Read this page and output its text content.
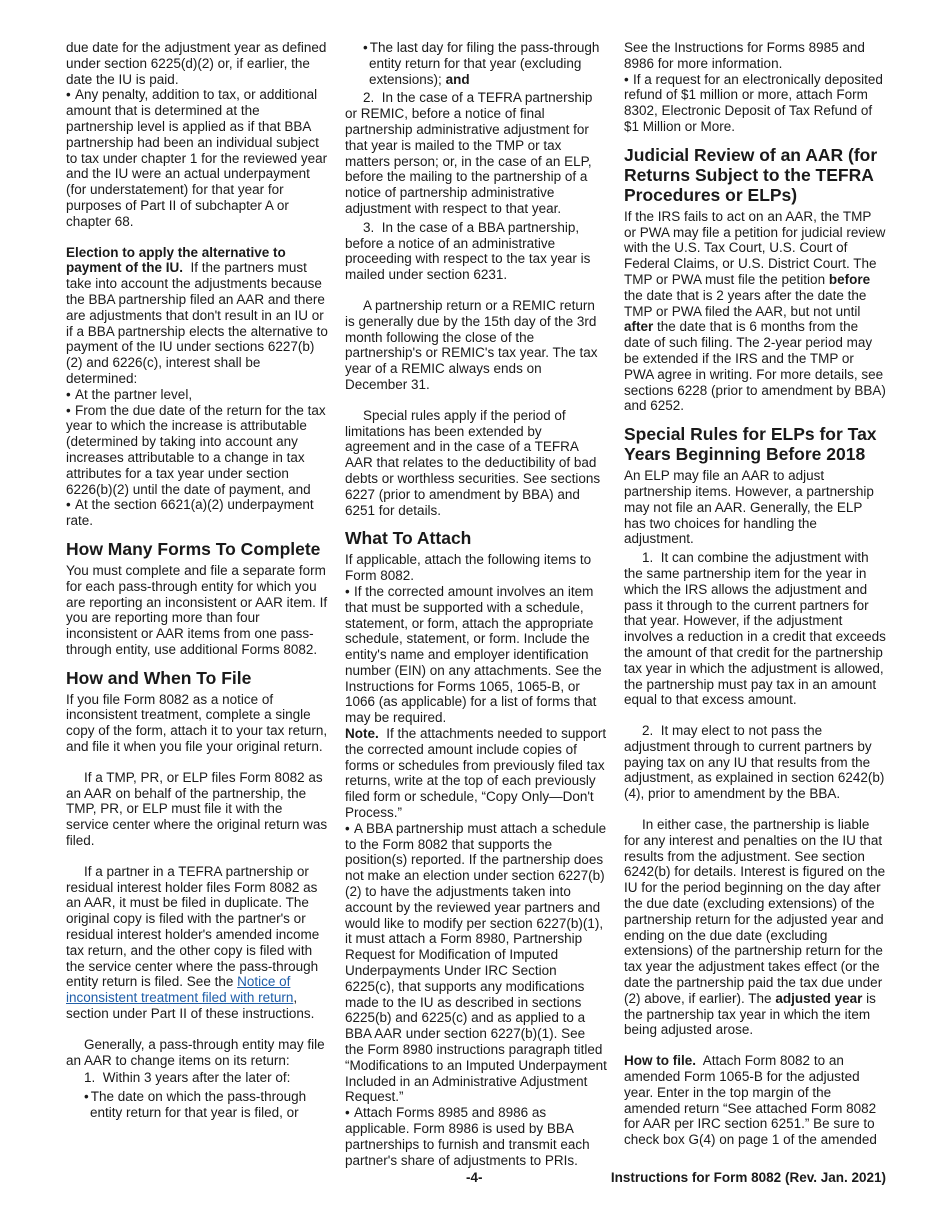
due date for the adjustment year as defined under section 6225(d)(2) or, if earlier, the date the IU is paid.

• Any penalty, addition to tax, or additional amount that is determined at the partnership level is applied as if that BBA partnership had been an individual subject to tax under chapter 1 for the reviewed year and the IU were an actual underpayment (for understatement) for that year for purposes of Part II of subchapter A or chapter 68.

Election to apply the alternative to payment of the IU. If the partners must take into account the adjustments because the BBA partnership filed an AAR and there are adjustments that don't result in an IU or if a BBA partnership elects the alternative to payment of the IU under sections 6227(b)(2) and 6226(c), interest shall be determined:

• At the partner level,

• From the due date of the return for the tax year to which the increase is attributable (determined by taking into account any increases attributable to a change in tax attributes for a tax year under section 6226(b)(2) until the date of payment, and

• At the section 6621(a)(2) underpayment rate.

How Many Forms To Complete

You must complete and file a separate form for each pass-through entity for which you are reporting an inconsistent or AAR item. If you are reporting more than four inconsistent or AAR items from one pass-through entity, use additional Forms 8082.

How and When To File

If you file Form 8082 as a notice of inconsistent treatment, complete a single copy of the form, attach it to your tax return, and file it when you file your original return.

If a TMP, PR, or ELP files Form 8082 as an AAR on behalf of the partnership, the TMP, PR, or ELP must file it with the service center where the original return was filed.

If a partner in a TEFRA partnership or residual interest holder files Form 8082 as an AAR, it must be filed in duplicate. The original copy is filed with the partner's or residual interest holder's amended income tax return, and the other copy is filed with the service center where the pass-through entity return is filed. See the Notice of inconsistent treatment filed with return, section under Part II of these instructions.

Generally, a pass-through entity may file an AAR to change items on its return:

1.  Within 3 years after the later of:

• The date on which the pass-through entity return for that year is filed, or

• The last day for filing the pass-through entity return for that year (excluding extensions); and

2.  In the case of a TEFRA partnership or REMIC, before a notice of final partnership administrative adjustment for that year is mailed to the TMP or tax matters person; or, in the case of an ELP, before the mailing to the partnership of a notice of partnership administrative adjustment with respect to that year.

3.  In the case of a BBA partnership, before a notice of an administrative proceeding with respect to the tax year is mailed under section 6231.

A partnership return or a REMIC return is generally due by the 15th day of the 3rd month following the close of the partnership's or REMIC's tax year. The tax year of a REMIC always ends on December 31.

Special rules apply if the period of limitations has been extended by agreement and in the case of a TEFRA AAR that relates to the deductibility of bad debts or worthless securities. See sections 6227 (prior to amendment by BBA) and 6251 for details.

What To Attach

If applicable, attach the following items to Form 8082.

• If the corrected amount involves an item that must be supported with a schedule, statement, or form, attach the appropriate schedule, statement, or form. Include the entity's name and employer identification number (EIN) on any attachments. See the Instructions for Forms 1065, 1065-B, or 1066 (as applicable) for a list of forms that may be required.

Note. If the attachments needed to support the corrected amount include copies of forms or schedules from previously filed tax returns, write at the top of each previously filed form or schedule, “Copy Only—Don't Process.”

• A BBA partnership must attach a schedule to the Form 8082 that supports the position(s) reported. If the partnership does not make an election under section 6227(b)(2) to have the adjustments taken into account by the reviewed year partners and would like to modify per section 6227(b)(1), it must attach a Form 8980, Partnership Request for Modification of Imputed Underpayments Under IRC Section 6225(c), that supports any modifications made to the IU as described in sections 6225(b) and 6225(c) and as applied to a BBA AAR under section 6227(b)(1). See the Form 8980 instructions paragraph titled “Modifications to an Imputed Underpayment Included in an Administrative Adjustment Request.”

• Attach Forms 8985 and 8986 as applicable. Form 8986 is used by BBA partnerships to furnish and transmit each partner's share of adjustments to PRIs.

See the Instructions for Forms 8985 and 8986 for more information.

• If a request for an electronically deposited refund of $1 million or more, attach Form 8302, Electronic Deposit of Tax Refund of $1 Million or More.

Judicial Review of an AAR (for Returns Subject to the TEFRA Procedures or ELPs)

If the IRS fails to act on an AAR, the TMP or PWA may file a petition for judicial review with the U.S. Tax Court, U.S. Court of Federal Claims, or U.S. District Court. The TMP or PWA must file the petition before the date that is 2 years after the date the TMP or PWA filed the AAR, but not until after the date that is 6 months from the date of such filing. The 2-year period may be extended if the IRS and the TMP or PWA agree in writing. For more details, see sections 6228 (prior to amendment by BBA) and 6252.

Special Rules for ELPs for Tax Years Beginning Before 2018

An ELP may file an AAR to adjust partnership items. However, a partnership may not file an AAR. Generally, the ELP has two choices for handling the adjustment.

1.  It can combine the adjustment with the same partnership item for the year in which the IRS allows the adjustment and pass it through to the current partners for that year. However, if the adjustment involves a reduction in a credit that exceeds the amount of that credit for the partnership tax year in which the adjustment is allowed, the partnership must pay tax in an amount equal to that excess amount.

2.  It may elect to not pass the adjustment through to current partners by paying tax on any IU that results from the adjustment, as explained in section 6242(b)(4), prior to amendment by the BBA.

In either case, the partnership is liable for any interest and penalties on the IU that results from the adjustment. See section 6242(b) for details. Interest is figured on the IU for the period beginning on the day after the due date (excluding extensions) of the partnership return for the adjusted year and ending on the due date (excluding extensions) of the partnership return for the tax year the adjustment takes effect (or the date the partnership paid the tax due under (2) above, if earlier). The adjusted year is the partnership tax year in which the item being adjusted arose.

How to file. Attach Form 8082 to an amended Form 1065-B for the adjusted year. Enter in the top margin of the amended return “See attached Form 8082 for AAR per IRC section 6251.” Be sure to check box G(4) on page 1 of the amended

-4-	Instructions for Form 8082 (Rev. Jan. 2021)
